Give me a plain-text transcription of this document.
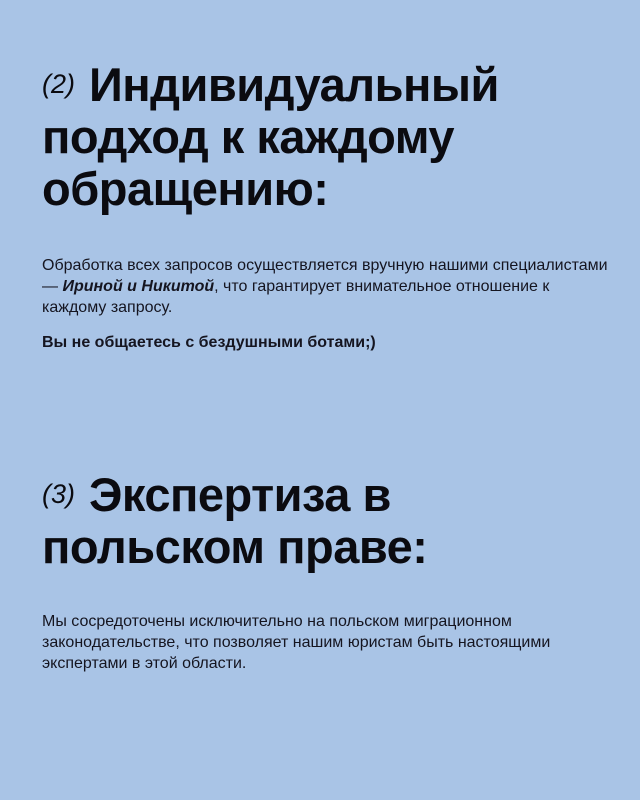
(2) Индивидуальный
подход к каждому
обращению:

Обработка всех запросов осуществляется вручную нашими специалистами — Ириной и Никитой, что гарантирует внимательное отношение к каждому запросу.

Вы не общаетесь с бездушными ботами;)

(3) Экспертиза в
польском праве:

Мы сосредоточены исключительно на польском миграционном законодательстве, что позволяет нашим юристам быть настоящими экспертами в этой области.
